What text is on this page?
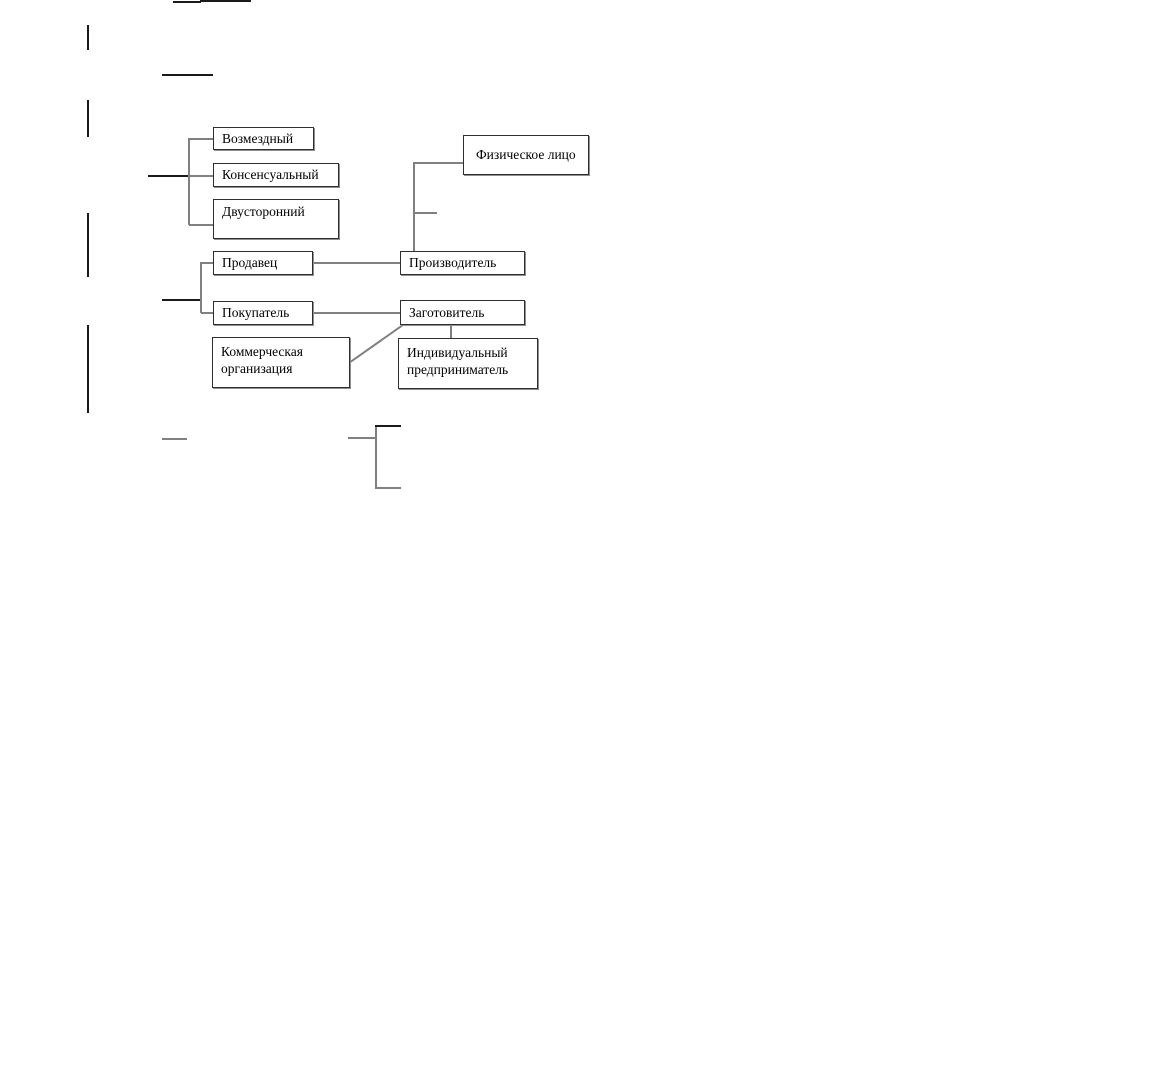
Возмездный
Консенсуальный
Двусторонний
Продавец
Покупатель
Производитель
Заготовитель
Физическое лицо
Коммерческая организация
Индивидуальный предприниматель
